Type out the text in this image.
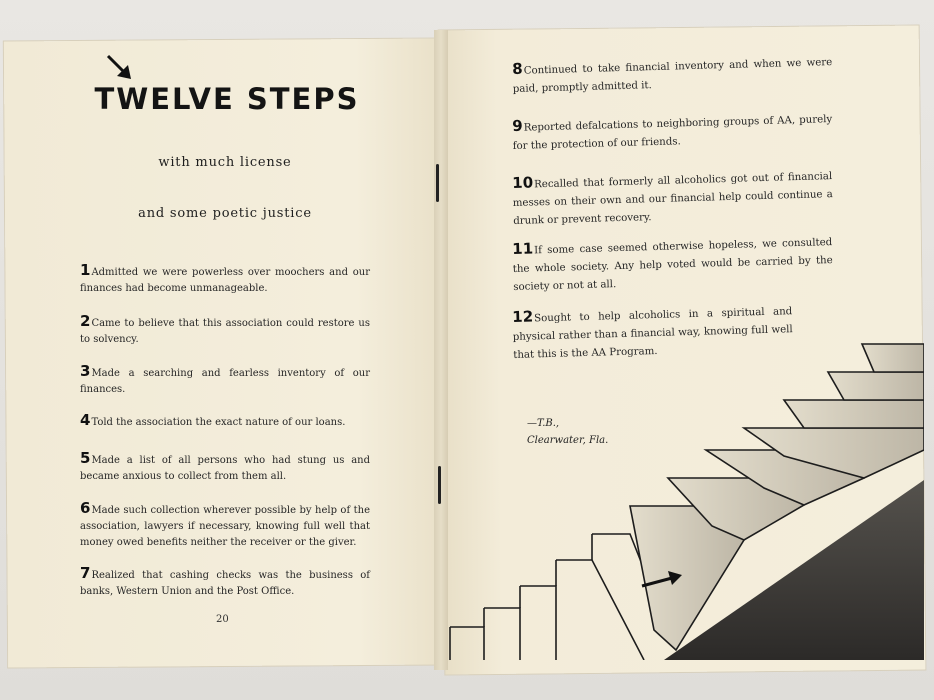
TWELVE STEPS
with much license
and some poetic justice
1Admitted we were powerless over moochers and our finances had become unmanageable.
2Came to believe that this association could restore us to solvency.
3Made a searching and fearless inventory of our finances.
4Told the association the exact nature of our loans.
5Made a list of all persons who had stung us and became anxious to collect from them all.
6Made such collection wherever possible by help of the association, lawyers if necessary, knowing full well that money owed benefits neither the receiver or the giver.
7Realized that cashing checks was the business of banks, Western Union and the Post Office.
20
8Continued to take financial inventory and when we were paid, promptly admitted it.
9Reported defalcations to neighboring groups of AA, purely for the protection of our friends.
10Recalled that formerly all alcoholics got out of financial messes on their own and our financial help could continue a drunk or prevent recovery.
11If some case seemed otherwise hopeless, we consulted the whole society. Any help voted would be carried by the society or not at all.
12Sought to help alcoholics in a spiritual and physical rather than a financial way, knowing full well that this is the AA Program.
—T.B.,
Clearwater, Fla.
